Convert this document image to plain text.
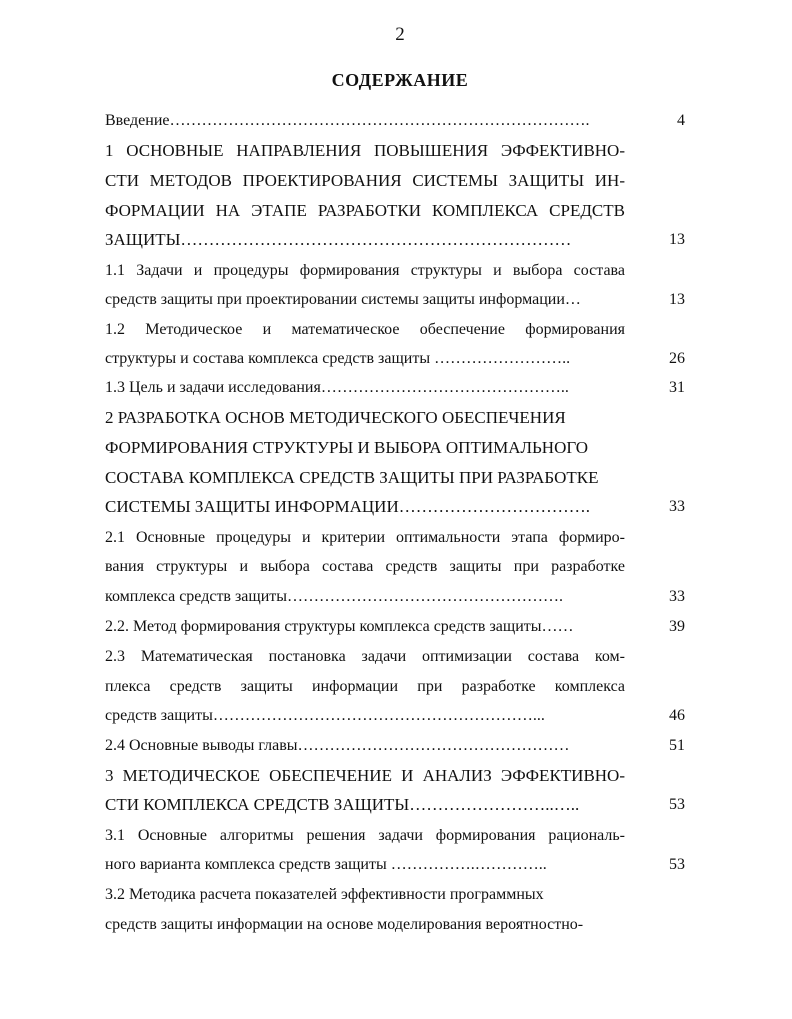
2
СОДЕРЖАНИЕ
Введение…………………………………………………………………….	4
1 ОСНОВНЫЕ НАПРАВЛЕНИЯ ПОВЫШЕНИЯ ЭФФЕКТИВНО-
СТИ МЕТОДОВ ПРОЕКТИРОВАНИЯ СИСТЕМЫ ЗАЩИТЫ ИН-
ФОРМАЦИИ НА ЭТАПЕ РАЗРАБОТКИ КОМПЛЕКСА СРЕДСТВ
ЗАЩИТЫ……………………………………………………………	13
1.1 Задачи и процедуры формирования структуры и выбора состава
средств защиты при проектировании системы защиты информации…	13
1.2 Методическое и математическое обеспечение формирования
структуры и состава комплекса средств защиты ……………………..	26
1.3 Цель и задачи исследования………………………………………..	31
2 РАЗРАБОТКА ОСНОВ МЕТОДИЧЕСКОГО ОБЕСПЕЧЕНИЯ
ФОРМИРОВАНИЯ СТРУКТУРЫ И ВЫБОРА ОПТИМАЛЬНОГО
СОСТАВА КОМПЛЕКСА СРЕДСТВ ЗАЩИТЫ ПРИ РАЗРАБОТКЕ
СИСТЕМЫ ЗАЩИТЫ ИНФОРМАЦИИ…………………………….	33
2.1 Основные процедуры и критерии оптимальности этапа формиро-
вания структуры и выбора состава средств защиты при разработке
комплекса средств защиты…………………………………………….	33
2.2. Метод формирования структуры комплекса средств защиты……	39
2.3 Математическая постановка задачи оптимизации состава ком-
плекса средств защиты информации при разработке комплекса
средств защиты……………………………………………………...	46
2.4 Основные выводы главы……………………………………………	51
3 МЕТОДИЧЕСКОЕ ОБЕСПЕЧЕНИЕ И АНАЛИЗ ЭФФЕКТИВНО-
СТИ КОМПЛЕКСА СРЕДСТВ ЗАЩИТЫ……………………..…..	53
3.1 Основные алгоритмы решения задачи формирования рациональ-
ного варианта комплекса средств защиты …………….…………..	53
3.2 Методика расчета показателей эффективности программных
средств защиты информации на основе моделирования вероятностно-
